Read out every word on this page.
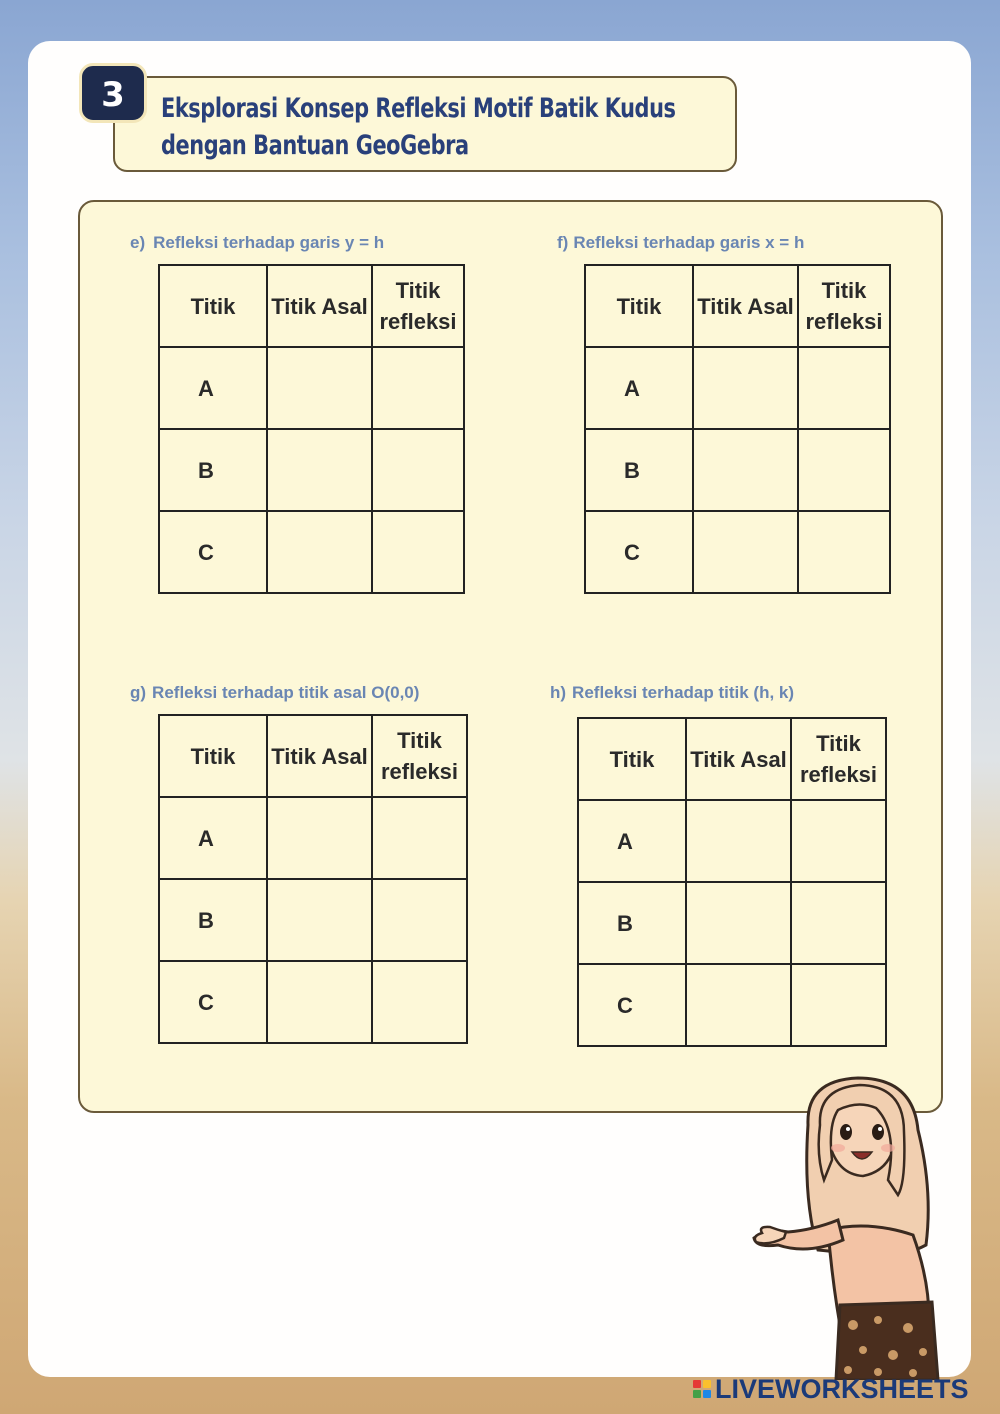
Eksplorasi Konsep Refleksi Motif Batik Kudus
dengan Bantuan GeoGebra
3
e) Refleksi terhadap garis y = h
Titik	Titik Asal	Titik refleksi
A		
B		
C		
f) Refleksi terhadap garis x = h
Titik	Titik Asal	Titik refleksi
A		
B		
C		
g) Refleksi terhadap titik asal O(0,0)
Titik	Titik Asal	Titik refleksi
A		
B		
C		
h) Refleksi terhadap titik (h, k)
Titik	Titik Asal	Titik refleksi
A		
B		
C		
LIVEWORKSHEETS
